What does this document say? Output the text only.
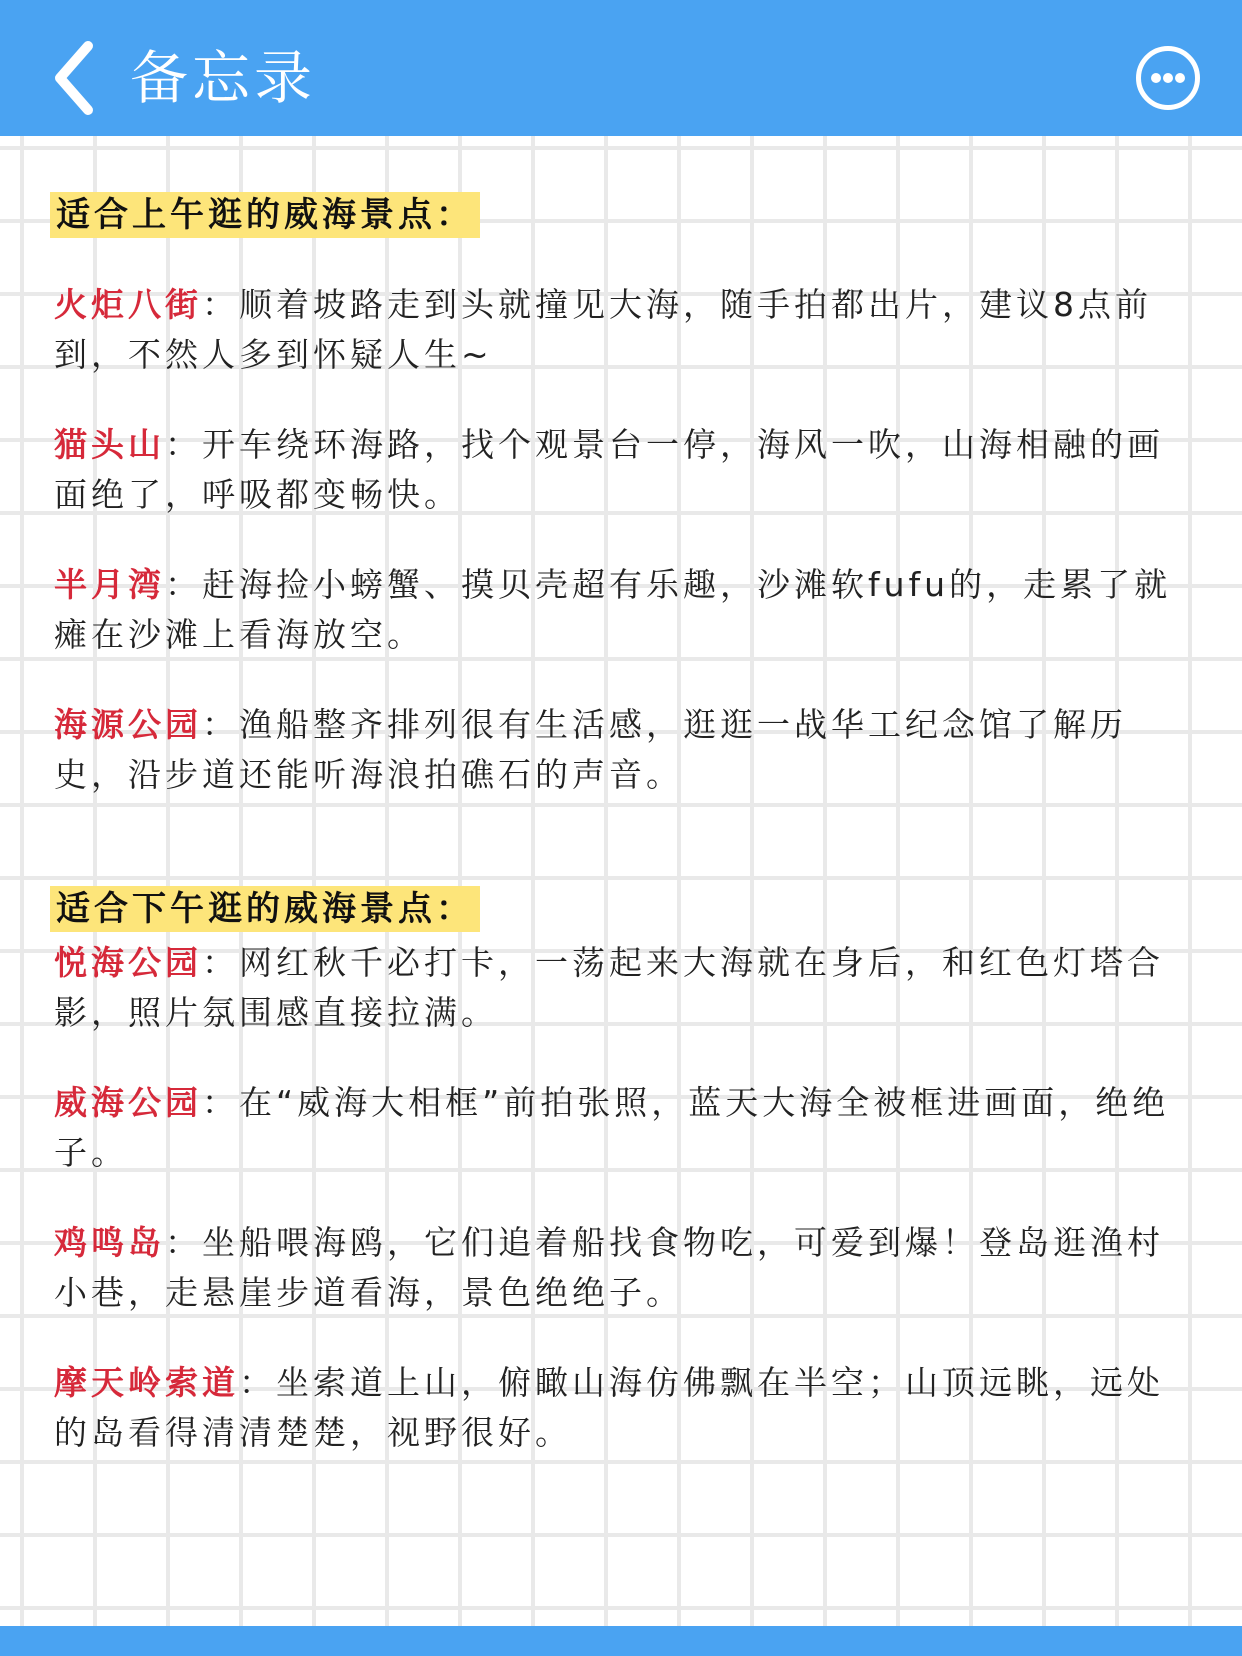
备忘录
适合上午逛的威海景点：
火炬八街：顺着坡路走到头就撞见大海，随手拍都出片，建议8点前到，不然人多到怀疑人生~
猫头山：开车绕环海路，找个观景台一停，海风一吹，山海相融的画面绝了，呼吸都变畅快。
半月湾：赶海捡小螃蟹、摸贝壳超有乐趣，沙滩软fufu的，走累了就瘫在沙滩上看海放空。
海源公园：渔船整齐排列很有生活感，逛逛一战华工纪念馆了解历史，沿步道还能听海浪拍礁石的声音。
适合下午逛的威海景点：
悦海公园：网红秋千必打卡，一荡起来大海就在身后，和红色灯塔合影，照片氛围感直接拉满。
威海公园：在“威海大相框”前拍张照，蓝天大海全被框进画面，绝绝子。
鸡鸣岛：坐船喂海鸥，它们追着船找食物吃，可爱到爆！登岛逛渔村小巷，走悬崖步道看海，景色绝绝子。
摩天岭索道：坐索道上山，俯瞰山海仿佛飘在半空；山顶远眺，远处的岛看得清清楚楚，视野很好。
